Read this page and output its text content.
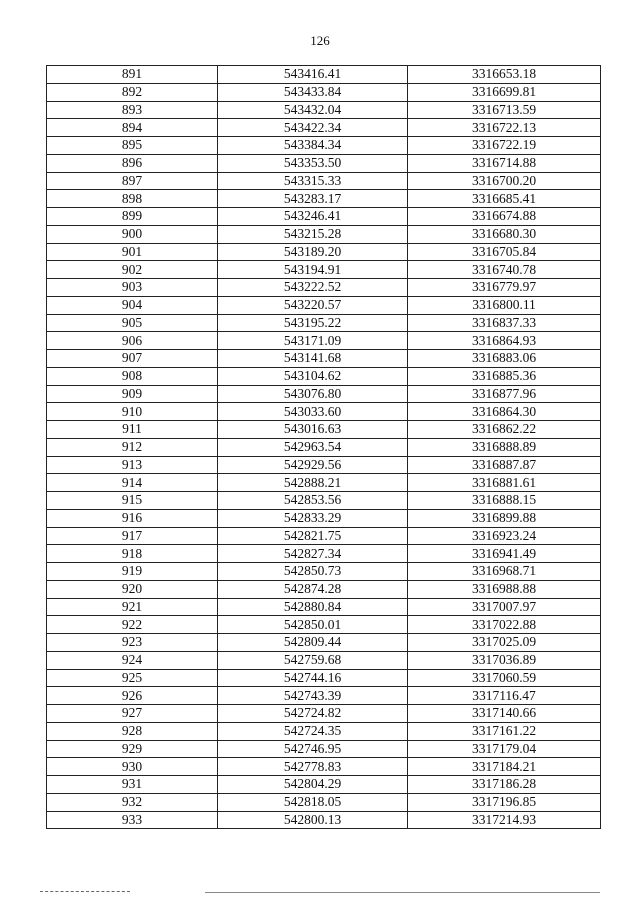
126
891	543416.41	3316653.18
892	543433.84	3316699.81
893	543432.04	3316713.59
894	543422.34	3316722.13
895	543384.34	3316722.19
896	543353.50	3316714.88
897	543315.33	3316700.20
898	543283.17	3316685.41
899	543246.41	3316674.88
900	543215.28	3316680.30
901	543189.20	3316705.84
902	543194.91	3316740.78
903	543222.52	3316779.97
904	543220.57	3316800.11
905	543195.22	3316837.33
906	543171.09	3316864.93
907	543141.68	3316883.06
908	543104.62	3316885.36
909	543076.80	3316877.96
910	543033.60	3316864.30
911	543016.63	3316862.22
912	542963.54	3316888.89
913	542929.56	3316887.87
914	542888.21	3316881.61
915	542853.56	3316888.15
916	542833.29	3316899.88
917	542821.75	3316923.24
918	542827.34	3316941.49
919	542850.73	3316968.71
920	542874.28	3316988.88
921	542880.84	3317007.97
922	542850.01	3317022.88
923	542809.44	3317025.09
924	542759.68	3317036.89
925	542744.16	3317060.59
926	542743.39	3317116.47
927	542724.82	3317140.66
928	542724.35	3317161.22
929	542746.95	3317179.04
930	542778.83	3317184.21
931	542804.29	3317186.28
932	542818.05	3317196.85
933	542800.13	3317214.93
